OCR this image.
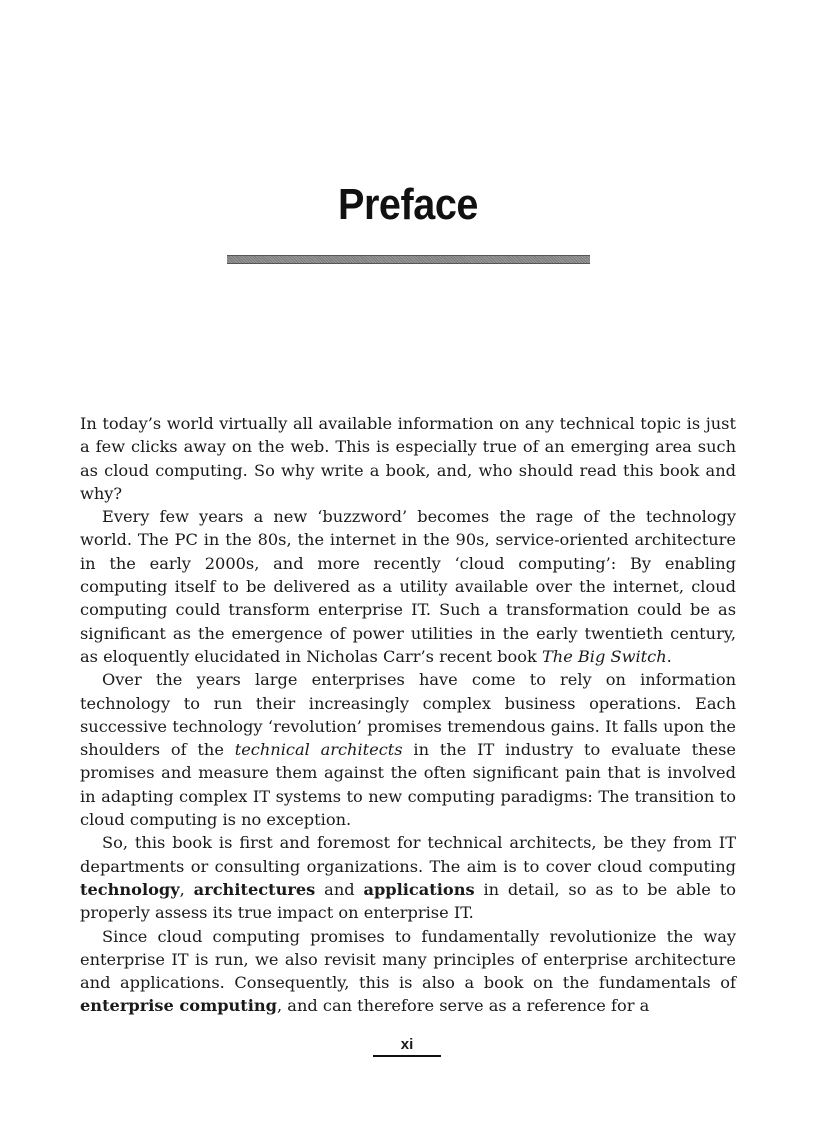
Preface

In today’s world virtually all available information on any technical topic is just a few clicks away on the web. This is especially true of an emerging area such as cloud computing. So why write a book, and, who should read this book and why?

Every few years a new ‘buzzword’ becomes the rage of the technology world. The PC in the 80s, the internet in the 90s, service-oriented architecture in the early 2000s, and more recently ‘cloud computing’: By enabling computing itself to be delivered as a utility available over the internet, cloud computing could transform enterprise IT. Such a transformation could be as significant as the emergence of power utilities in the early twentieth century, as eloquently elucidated in Nicholas Carr’s recent book The Big Switch.

Over the years large enterprises have come to rely on information technology to run their increasingly complex business operations. Each successive technology ‘revolution’ promises tremendous gains. It falls upon the shoulders of the technical architects in the IT industry to evaluate these promises and measure them against the often significant pain that is involved in adapting complex IT systems to new computing paradigms: The transition to cloud computing is no exception.

So, this book is first and foremost for technical architects, be they from IT departments or consulting organizations. The aim is to cover cloud computing technology, architectures and applications in detail, so as to be able to properly assess its true impact on enterprise IT.

Since cloud computing promises to fundamentally revolutionize the way enterprise IT is run, we also revisit many principles of enterprise architecture and applications. Consequently, this is also a book on the fundamentals of enterprise computing, and can therefore serve as a reference for a

xi
